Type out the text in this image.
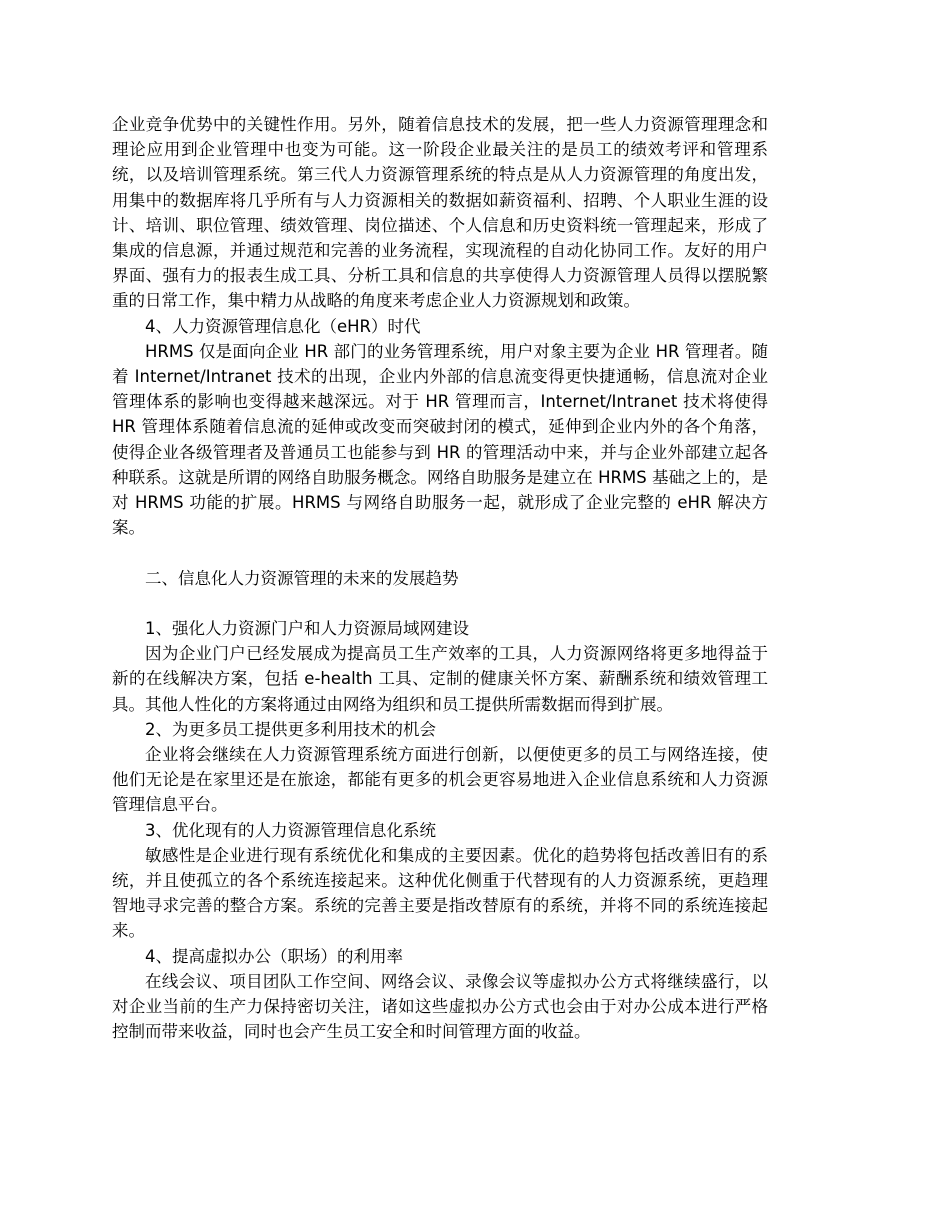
企业竞争优势中的关键性作用。另外，随着信息技术的发展，把一些人力资源管理理念和理论应用到企业管理中也变为可能。这一阶段企业最关注的是员工的绩效考评和管理系统，以及培训管理系统。第三代人力资源管理系统的特点是从人力资源管理的角度出发，用集中的数据库将几乎所有与人力资源相关的数据如薪资福利、招聘、个人职业生涯的设计、培训、职位管理、绩效管理、岗位描述、个人信息和历史资料统一管理起来，形成了集成的信息源，并通过规范和完善的业务流程，实现流程的自动化协同工作。友好的用户界面、强有力的报表生成工具、分析工具和信息的共享使得人力资源管理人员得以摆脱繁重的日常工作，集中精力从战略的角度来考虑企业人力资源规划和政策。

4、人力资源管理信息化（eHR）时代

HRMS 仅是面向企业 HR 部门的业务管理系统，用户对象主要为企业 HR 管理者。随着 Internet/Intranet 技术的出现，企业内外部的信息流变得更快捷通畅，信息流对企业管理体系的影响也变得越来越深远。对于 HR 管理而言，Internet/Intranet 技术将使得 HR 管理体系随着信息流的延伸或改变而突破封闭的模式，延伸到企业内外的各个角落，使得企业各级管理者及普通员工也能参与到 HR 的管理活动中来，并与企业外部建立起各种联系。这就是所谓的网络自助服务概念。网络自助服务是建立在 HRMS 基础之上的，是对 HRMS 功能的扩展。HRMS 与网络自助服务一起，就形成了企业完整的 eHR 解决方案。

二、信息化人力资源管理的未来的发展趋势

1、强化人力资源门户和人力资源局域网建设

因为企业门户已经发展成为提高员工生产效率的工具，人力资源网络将更多地得益于新的在线解决方案，包括 e-health 工具、定制的健康关怀方案、薪酬系统和绩效管理工具。其他人性化的方案将通过由网络为组织和员工提供所需数据而得到扩展。

2、为更多员工提供更多利用技术的机会

企业将会继续在人力资源管理系统方面进行创新，以便使更多的员工与网络连接，使他们无论是在家里还是在旅途，都能有更多的机会更容易地进入企业信息系统和人力资源管理信息平台。

3、优化现有的人力资源管理信息化系统

敏感性是企业进行现有系统优化和集成的主要因素。优化的趋势将包括改善旧有的系统，并且使孤立的各个系统连接起来。这种优化侧重于代替现有的人力资源系统，更趋理智地寻求完善的整合方案。系统的完善主要是指改替原有的系统，并将不同的系统连接起来。

4、提高虚拟办公（职场）的利用率

在线会议、项目团队工作空间、网络会议、录像会议等虚拟办公方式将继续盛行，以对企业当前的生产力保持密切关注，诸如这些虚拟办公方式也会由于对办公成本进行严格控制而带来收益，同时也会产生员工安全和时间管理方面的收益。
